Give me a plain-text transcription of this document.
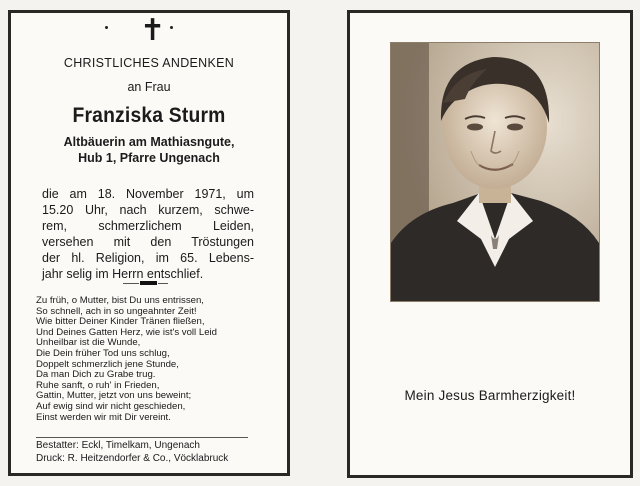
✝
CHRISTLICHES ANDENKEN
an Frau
Franziska Sturm
Altbäuerin am Mathiasngute,
Hub 1, Pfarre Ungenach
die am 18. November 1971, um
15.20 Uhr, nach kurzem, schwe-
rem, schmerzlichem Leiden,
versehen mit den Tröstungen
der hl. Religion, im 65. Lebens-
jahr selig im Herrn entschlief.
Zu früh, o Mutter, bist Du uns entrissen,
So schnell, ach in so ungeahnter Zeit!
Wie bitter Deiner Kinder Tränen fließen,
Und Deines Gatten Herz, wie ist's voll Leid
Unheilbar ist die Wunde,
Die Dein früher Tod uns schlug,
Doppelt schmerzlich jene Stunde,
Da man Dich zu Grabe trug.
Ruhe sanft, o ruh' in Frieden,
Gattin, Mutter, jetzt von uns beweint;
Auf ewig sind wir nicht geschieden,
Einst werden wir mit Dir vereint.
Bestatter: Eckl, Timelkam, Ungenach
Druck: R. Heitzendorfer & Co., Vöcklabruck
Mein Jesus Barmherzigkeit!
